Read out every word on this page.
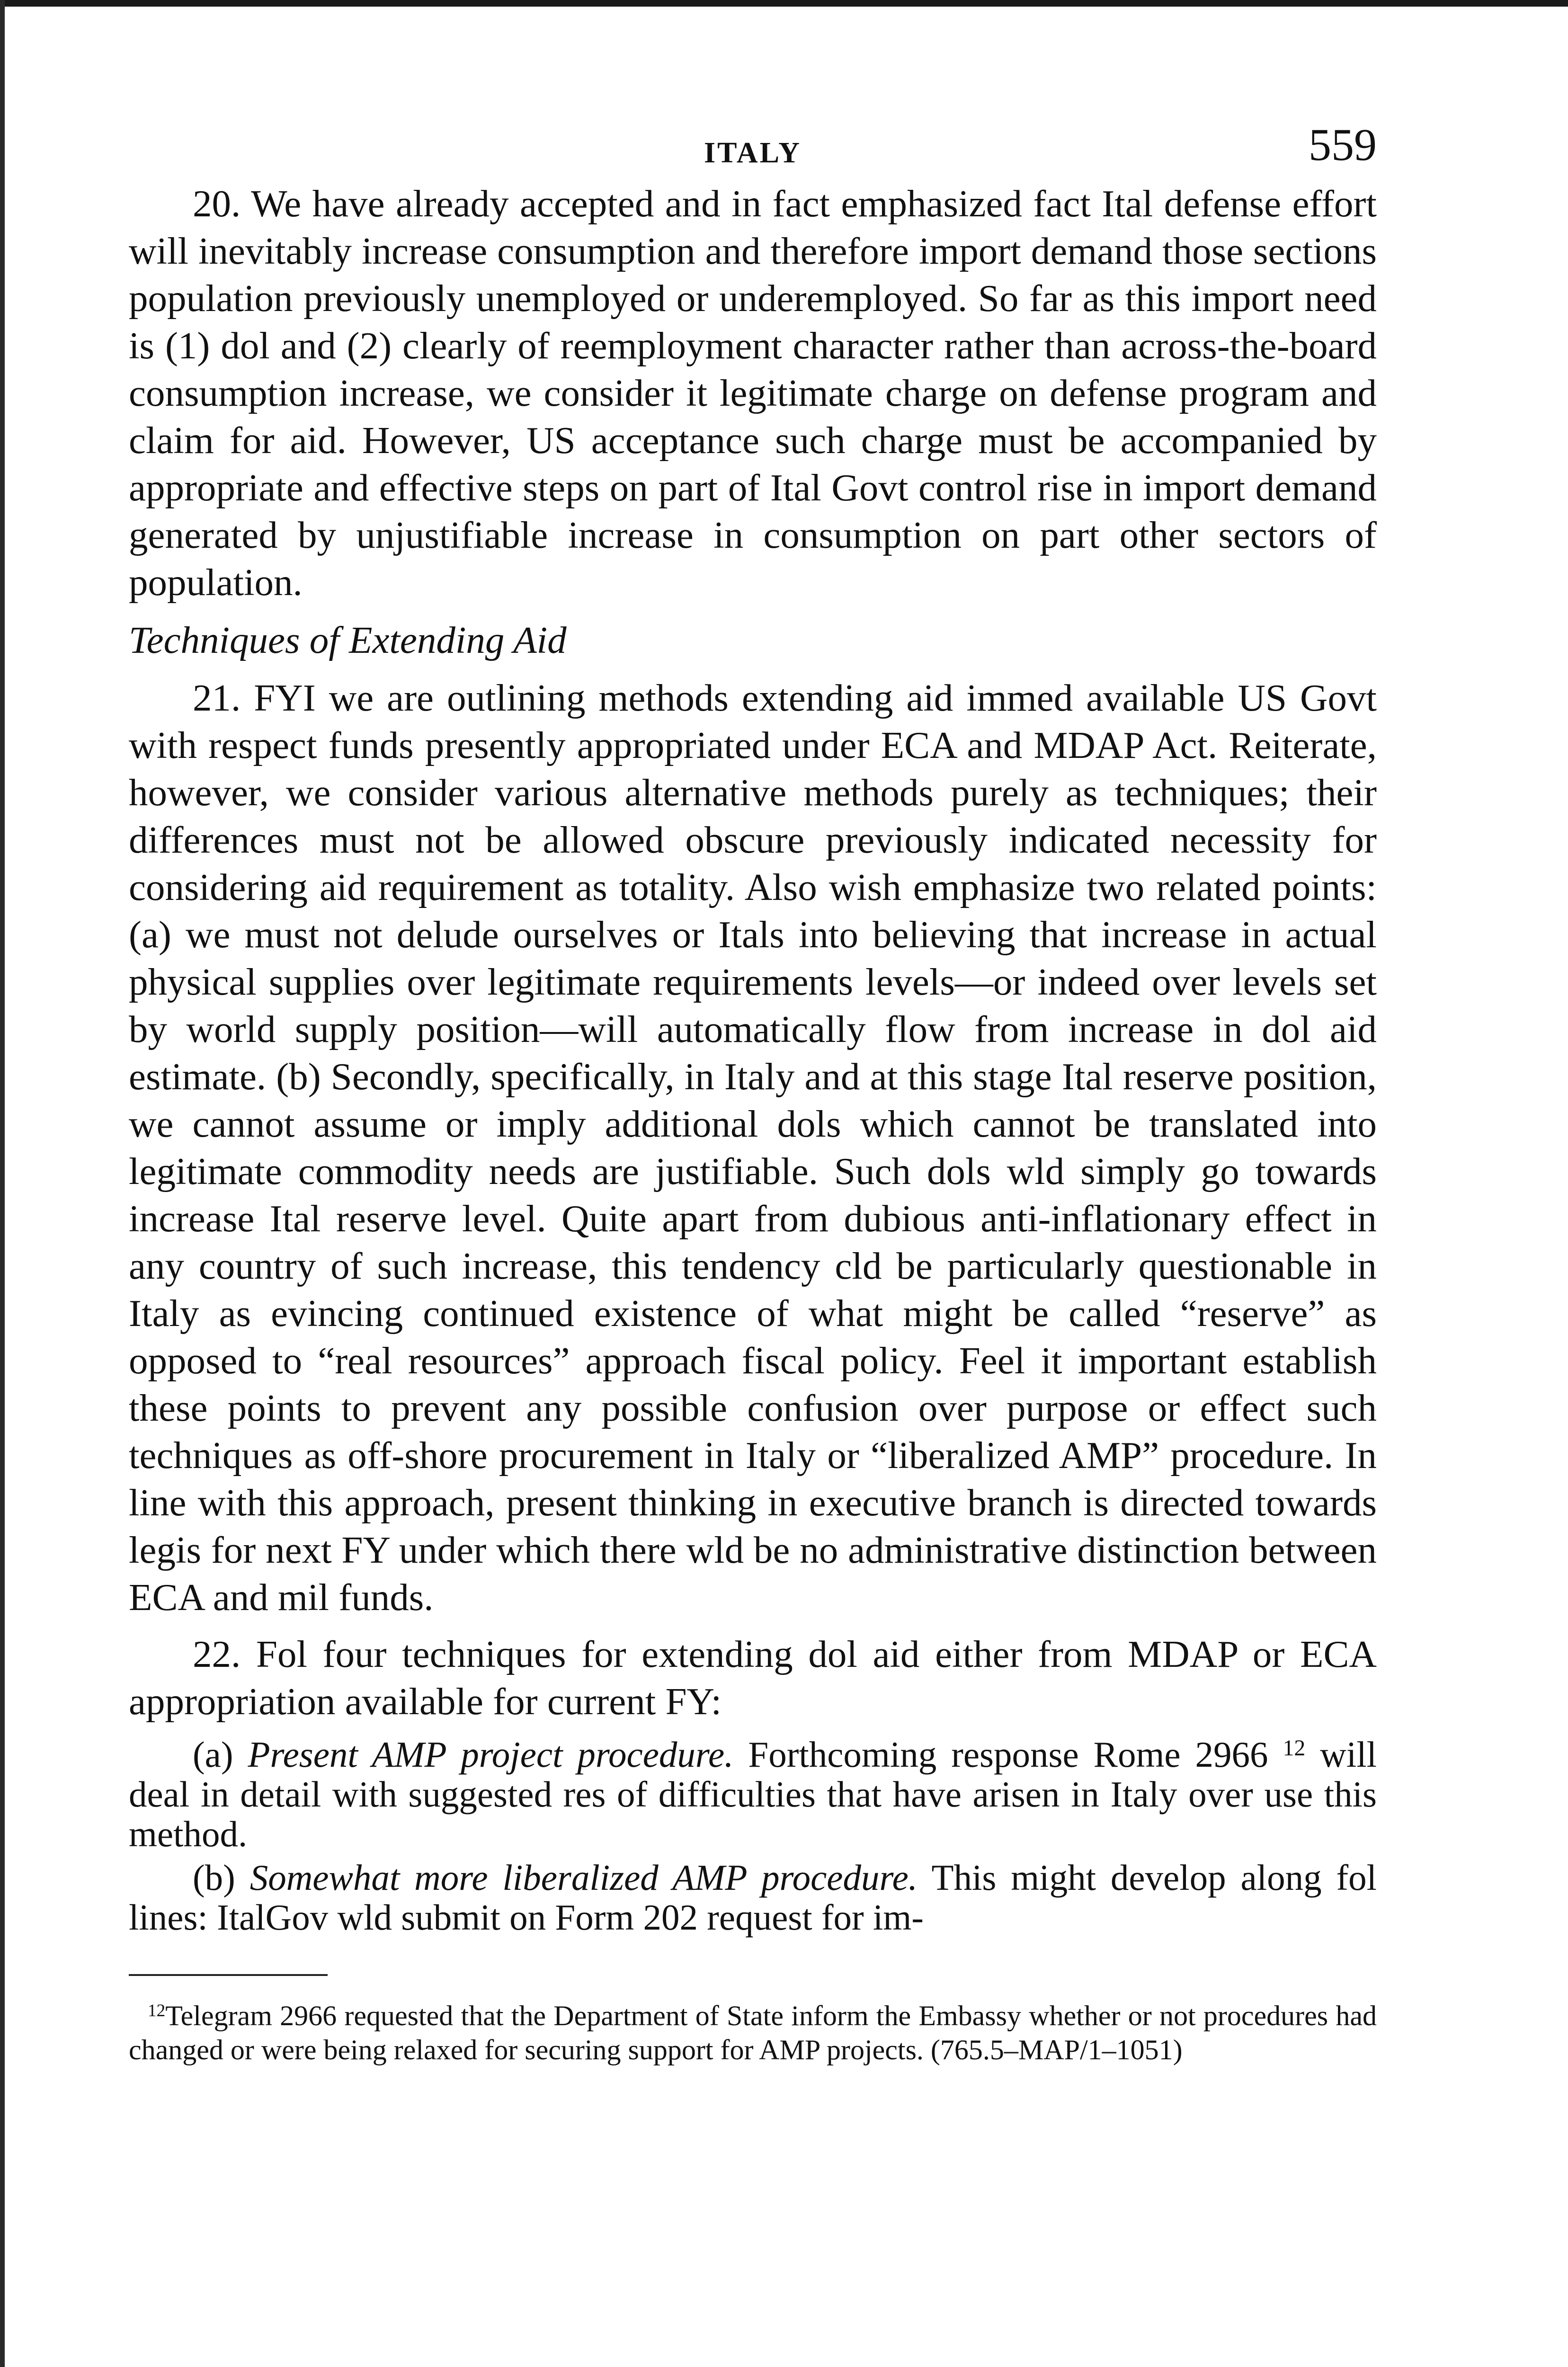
ITALY	559

20. We have already accepted and in fact emphasized fact Ital defense effort will inevitably increase consumption and therefore import demand those sections population previously unemployed or underemployed. So far as this import need is (1) dol and (2) clearly of reemployment character rather than across-the-board consumption increase, we consider it legitimate charge on defense program and claim for aid. However, US acceptance such charge must be accompanied by appropriate and effective steps on part of Ital Govt control rise in import demand generated by unjustifiable increase in consumption on part other sectors of population.

Techniques of Extending Aid

21. FYI we are outlining methods extending aid immed available US Govt with respect funds presently appropriated under ECA and MDAP Act. Reiterate, however, we consider various alternative methods purely as techniques; their differences must not be allowed obscure previously indicated necessity for considering aid requirement as totality. Also wish emphasize two related points: (a) we must not delude ourselves or Itals into believing that increase in actual physical supplies over legitimate requirements levels—or indeed over levels set by world supply position—will automatically flow from increase in dol aid estimate. (b) Secondly, specifically, in Italy and at this stage Ital reserve position, we cannot assume or imply additional dols which cannot be translated into legitimate commodity needs are justifiable. Such dols wld simply go towards increase Ital reserve level. Quite apart from dubious anti-inflationary effect in any country of such increase, this tendency cld be particularly questionable in Italy as evincing continued existence of what might be called “reserve” as opposed to “real resources” approach fiscal policy. Feel it important establish these points to prevent any possible confusion over purpose or effect such techniques as off-shore procurement in Italy or “liberalized AMP” procedure. In line with this approach, present thinking in executive branch is directed towards legis for next FY under which there wld be no administrative distinction between ECA and mil funds.

22. Fol four techniques for extending dol aid either from MDAP or ECA appropriation available for current FY:

(a) Present AMP project procedure. Forthcoming response Rome 2966 $^{12}$ will deal in detail with suggested res of difficulties that have arisen in Italy over use this method.
(b) Somewhat more liberalized AMP procedure. This might develop along fol lines: ItalGov wld submit on Form 202 request for im-
$^{12}$Telegram 2966 requested that the Department of State inform the Embassy whether or not procedures had changed or were being relaxed for securing support for AMP projects. (765.5–MAP/1–1051)
